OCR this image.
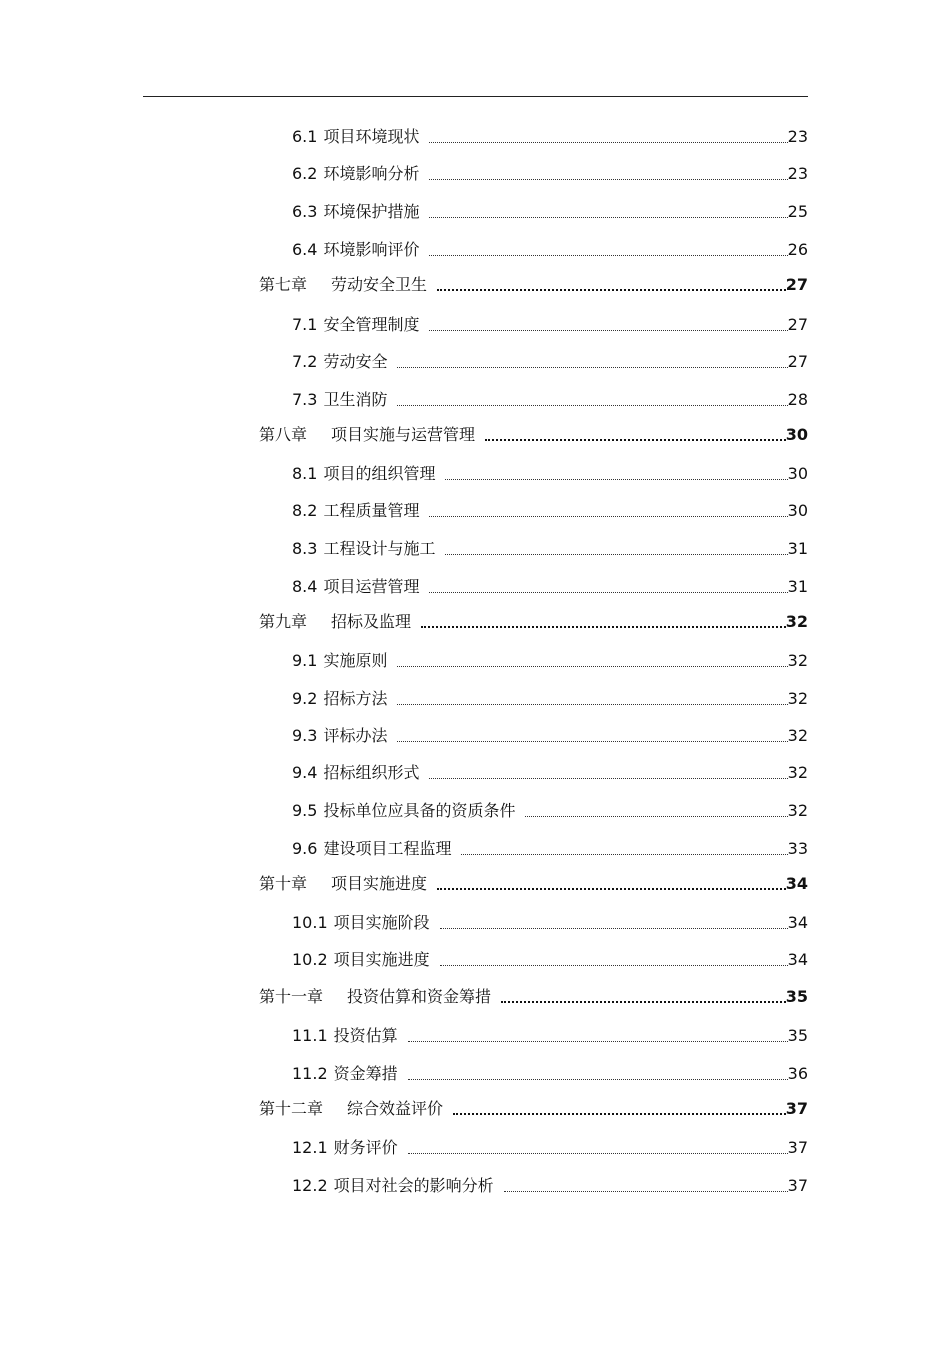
6.1 项目环境现状	23
6.2 环境影响分析	23
6.3 环境保护措施	25
6.4 环境影响评价	26
第七章 劳动安全卫生	27
7.1 安全管理制度	27
7.2 劳动安全	27
7.3 卫生消防	28
第八章 项目实施与运营管理	30
8.1 项目的组织管理	30
8.2 工程质量管理	30
8.3 工程设计与施工	31
8.4 项目运营管理	31
第九章 招标及监理	32
9.1 实施原则	32
9.2 招标方法	32
9.3 评标办法	32
9.4 招标组织形式	32
9.5 投标单位应具备的资质条件	32
9.6 建设项目工程监理	33
第十章 项目实施进度	34
10.1 项目实施阶段	34
10.2 项目实施进度	34
第十一章 投资估算和资金筹措	35
11.1 投资估算	35
11.2 资金筹措	36
第十二章 综合效益评价	37
12.1 财务评价	37
12.2 项目对社会的影响分析	37
